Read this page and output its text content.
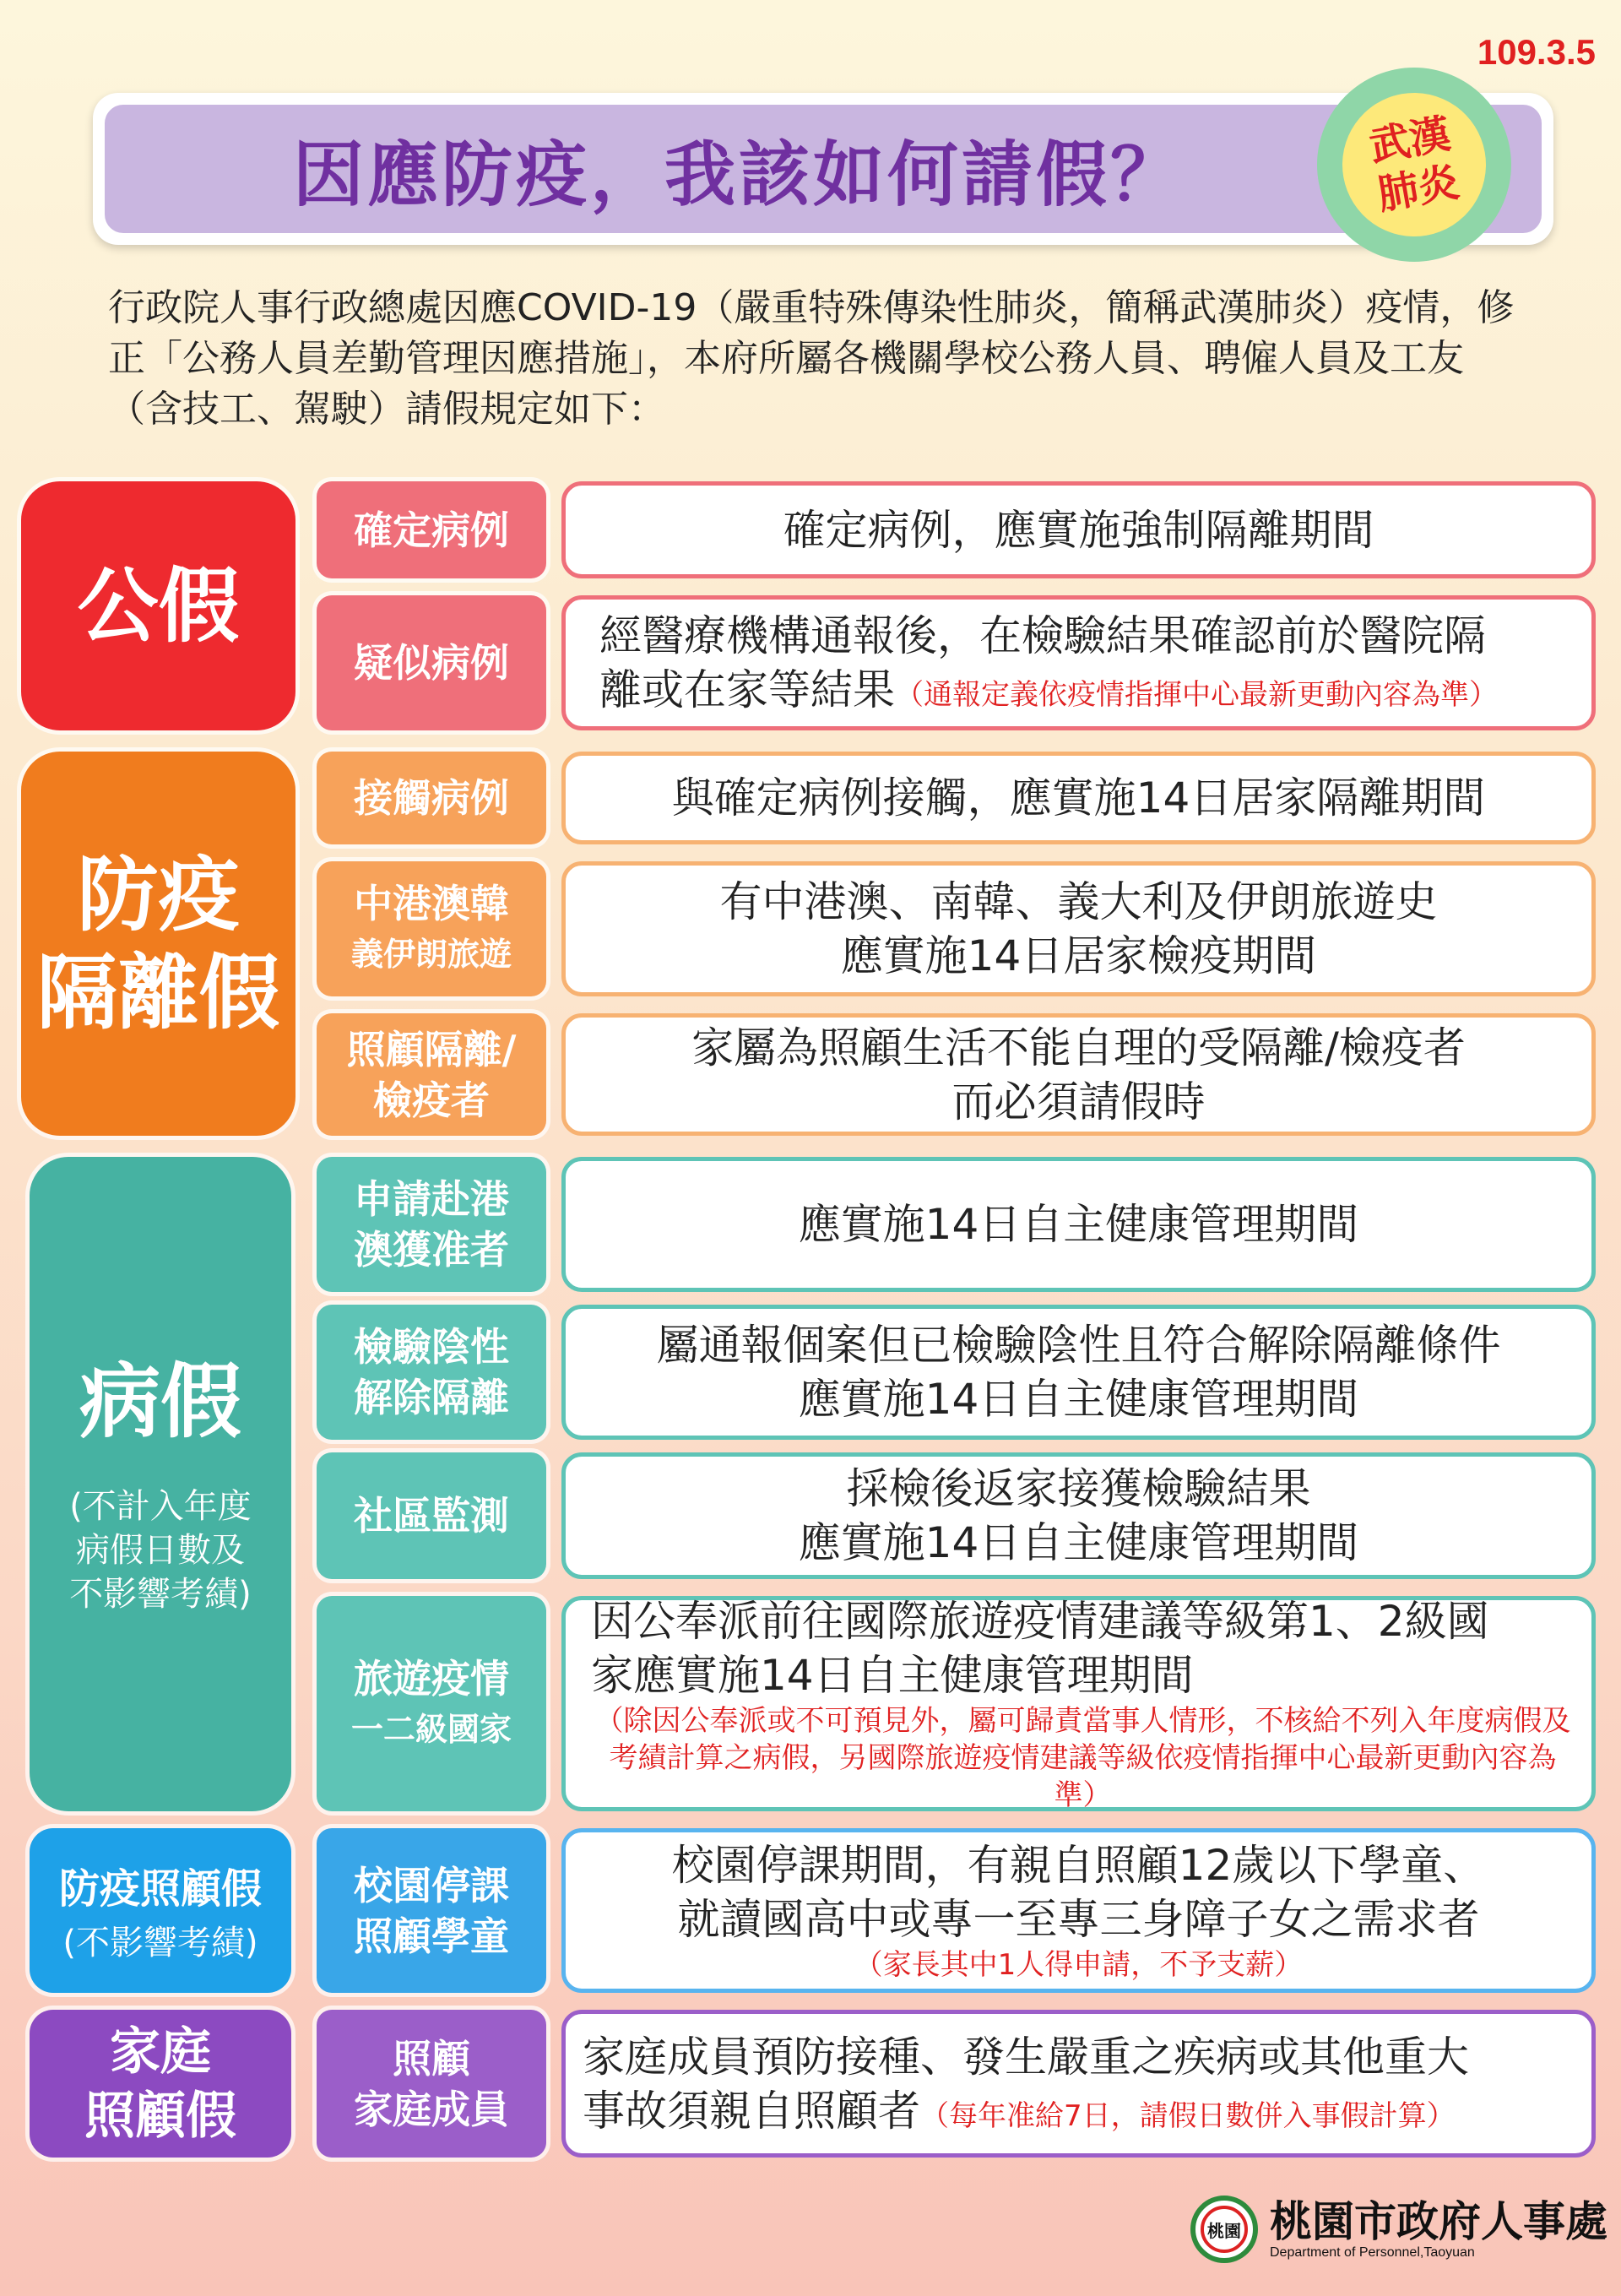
109.3.5
因應防疫，我該如何請假？	武漢
肺炎
行政院人事行政總處因應COVID-19（嚴重特殊傳染性肺炎，簡稱武漢肺炎）疫情，修正「公務人員差勤管理因應措施」，本府所屬各機關學校公務人員、聘僱人員及工友（含技工、駕駛）請假規定如下：
公假
防疫
隔離假
病假
(不計入年度
病假日數及
不影響考績)
防疫照顧假
(不影響考績)
家庭
照顧假
確定病例
疑似病例
接觸病例
中港澳韓
義伊朗旅遊
照顧隔離/
檢疫者
申請赴港
澳獲准者
檢驗陰性
解除隔離
社區監測
旅遊疫情
一二級國家
校園停課
照顧學童
照顧
家庭成員
確定病例，應實施強制隔離期間
經醫療機構通報後，在檢驗結果確認前於醫院隔
離或在家等結果（通報定義依疫情指揮中心最新更動內容為準）
與確定病例接觸，應實施14日居家隔離期間
有中港澳、南韓、義大利及伊朗旅遊史
應實施14日居家檢疫期間
家屬為照顧生活不能自理的受隔離/檢疫者
而必須請假時
應實施14日自主健康管理期間
屬通報個案但已檢驗陰性且符合解除隔離條件
應實施14日自主健康管理期間
採檢後返家接獲檢驗結果
應實施14日自主健康管理期間
因公奉派前往國際旅遊疫情建議等級第1、2級國
家應實施14日自主健康管理期間
（除因公奉派或不可預見外，屬可歸責當事人情形，不核給不列入年度病假及考績計算之病假，另國際旅遊疫情建議等級依疫情指揮中心最新更動內容為準）
校園停課期間，有親自照顧12歲以下學童、
就讀國高中或專一至專三身障子女之需求者
（家長其中1人得申請，不予支薪）
家庭成員預防接種、發生嚴重之疾病或其他重大
事故須親自照顧者（每年准給7日，請假日數併入事假計算）
桃園 桃園市政府人事處
Department of Personnel,Taoyuan
